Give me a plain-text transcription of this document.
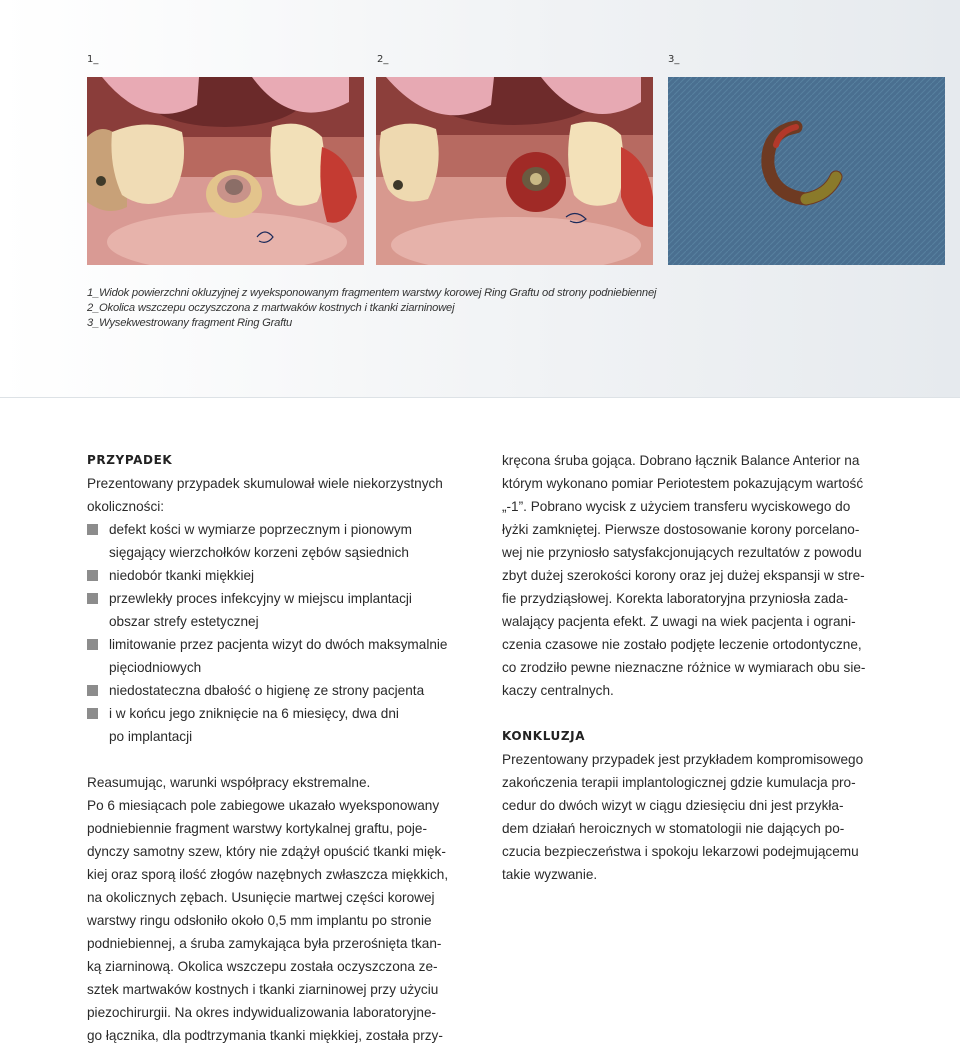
1_	2_	3_
1_Widok powierzchni okluzyjnej z wyeksponowanym fragmentem warstwy korowej Ring Graftu od strony podniebiennej
2_Okolica wszczepu oczyszczona z martwaków kostnych i tkanki ziarninowej
3_Wysekwestrowany fragment Ring Graftu
PRZYPADEK
Prezentowany przypadek skumulował wiele niekorzystnych
okoliczności:
defekt kości w wymiarze poprzecznym i pionowym
sięgający wierzchołków korzeni zębów sąsiednich
niedobór tkanki miękkiej
przewlekły proces infekcyjny w miejscu implantacji
obszar strefy estetycznej
limitowanie przez pacjenta wizyt do dwóch maksymalnie
pięciodniowych
niedostateczna dbałość o higienę ze strony pacjenta
i w końcu jego zniknięcie na 6 miesięcy, dwa dni
po implantacji
Reasumując, warunki współpracy ekstremalne.
Po 6 miesiącach pole zabiegowe ukazało wyeksponowany
podniebiennie fragment warstwy kortykalnej graftu, poje-
dynczy samotny szew, który nie zdążył opuścić tkanki mięk-
kiej oraz sporą ilość złogów nazębnych zwłaszcza miękkich,
na okolicznych zębach. Usunięcie martwej części korowej
warstwy ringu odsłoniło około 0,5 mm implantu po stronie
podniebiennej, a śruba zamykająca była przerośnięta tkan-
ką ziarninową. Okolica wszczepu została oczyszczona ze-
sztek martwaków kostnych i tkanki ziarninowej przy użyciu
piezochirurgii. Na okres indywidualizowania laboratoryjne-
go łącznika, dla podtrzymania tkanki miękkiej, została przy-
kręcona śruba gojąca. Dobrano łącznik Balance Anterior na
którym wykonano pomiar Periotestem pokazującym wartość
„-1”. Pobrano wycisk z użyciem transferu wyciskowego do
łyżki zamkniętej. Pierwsze dostosowanie korony porcelano-
wej nie przyniosło satysfakcjonujących rezultatów z powodu
zbyt dużej szerokości korony oraz jej dużej ekspansji w stre-
fie przydziąsłowej. Korekta laboratoryjna przyniosła zada-
walający pacjenta efekt. Z uwagi na wiek pacjenta i ograni-
czenia czasowe nie zostało podjęte leczenie ortodontyczne,
co zrodziło pewne nieznaczne różnice w wymiarach obu sie-
kaczy centralnych.
KONKLUZJA
Prezentowany przypadek jest przykładem kompromisowego
zakończenia terapii implantologicznej gdzie kumulacja pro-
cedur do dwóch wizyt w ciągu dziesięciu dni jest przykła-
dem działań heroicznych w stomatologii nie dających po-
czucia bezpieczeństwa i spokoju lekarzowi podejmującemu
takie wyzwanie.
